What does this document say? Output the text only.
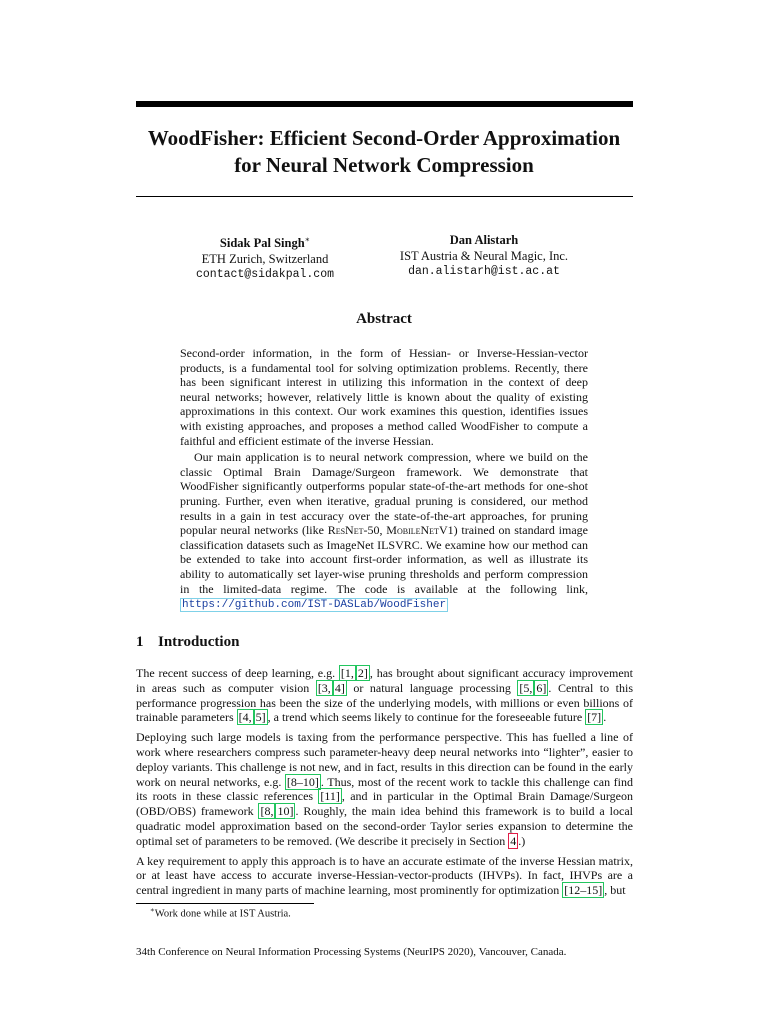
WoodFisher: Efficient Second-Order Approximation
for Neural Network Compression
Sidak Pal Singh∗
ETH Zurich, Switzerland
contact@sidakpal.com
Dan Alistarh
IST Austria & Neural Magic, Inc.
dan.alistarh@ist.ac.at
Abstract

Second-order information, in the form of Hessian- or Inverse-Hessian-vector products, is a fundamental tool for solving optimization problems. Recently, there has been significant interest in utilizing this information in the context of deep neural networks; however, relatively little is known about the quality of existing approximations in this context. Our work examines this question, identifies issues with existing approaches, and proposes a method called WoodFisher to compute a faithful and efficient estimate of the inverse Hessian.

Our main application is to neural network compression, where we build on the classic Optimal Brain Damage/Surgeon framework. We demonstrate that WoodFisher significantly outperforms popular state-of-the-art methods for one-shot pruning. Further, even when iterative, gradual pruning is considered, our method results in a gain in test accuracy over the state-of-the-art approaches, for pruning popular neural networks (like ResNet-50, MobileNetV1) trained on standard image classification datasets such as ImageNet ILSVRC. We examine how our method can be extended to take into account first-order information, as well as illustrate its ability to automatically set layer-wise pruning thresholds and perform compression in the limited-data regime. The code is available at the following link, https://github.com/IST-DASLab/WoodFisher

1 Introduction

The recent success of deep learning, e.g. [1, 2] , has brought about significant accuracy improvement in areas such as computer vision [3, 4] or natural language processing [5, 6] . Central to this performance progression has been the size of the underlying models, with millions or even billions of trainable parameters [4, 5] , a trend which seems likely to continue for the foreseeable future [7] .

Deploying such large models is taxing from the performance perspective. This has fuelled a line of work where researchers compress such parameter-heavy deep neural networks into “lighter”, easier to deploy variants. This challenge is not new, and in fact, results in this direction can be found in the early work on neural networks, e.g. [8–10] . Thus, most of the recent work to tackle this challenge can find its roots in these classic references [11] , and in particular in the Optimal Brain Damage/Surgeon (OBD/OBS) framework [8, 10] . Roughly, the main idea behind this framework is to build a local quadratic model approximation based on the second-order Taylor series expansion to determine the optimal set of parameters to be removed. (We describe it precisely in Section 4 .)

A key requirement to apply this approach is to have an accurate estimate of the inverse Hessian matrix, or at least have access to accurate inverse-Hessian-vector-products (IHVPs). In fact, IHVPs are a central ingredient in many parts of machine learning, most prominently for optimization [12–15] , but

∗Work done while at IST Austria.
34th Conference on Neural Information Processing Systems (NeurIPS 2020), Vancouver, Canada.
